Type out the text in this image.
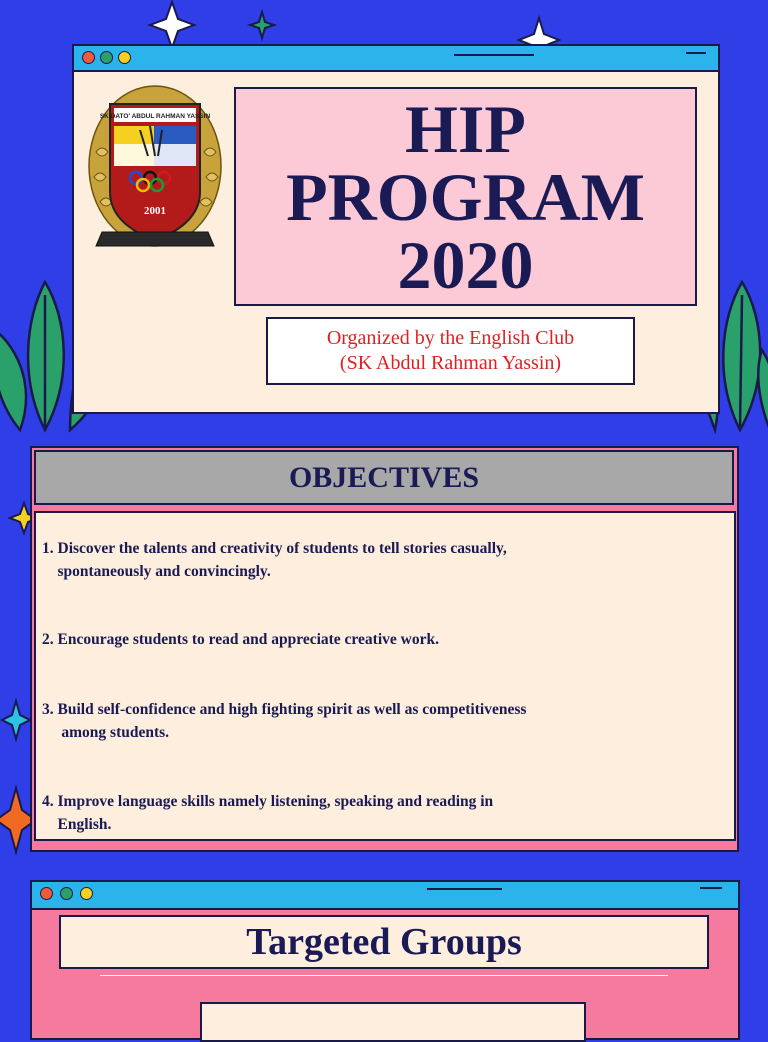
SK DATO' ABDUL RAHMAN YASSIN
2001
HIP
PROGRAM
2020
Organized by the English Club
(SK Abdul Rahman Yassin)
OBJECTIVES
1. Discover the talents and creativity of students to tell stories casually,
spontaneously and convincingly.
2. Encourage students to read and appreciate creative work.
3. Build self-confidence and high fighting spirit as well as competitiveness
among students.
4. Improve language skills namely listening, speaking and reading in
English.
Targeted Groups
